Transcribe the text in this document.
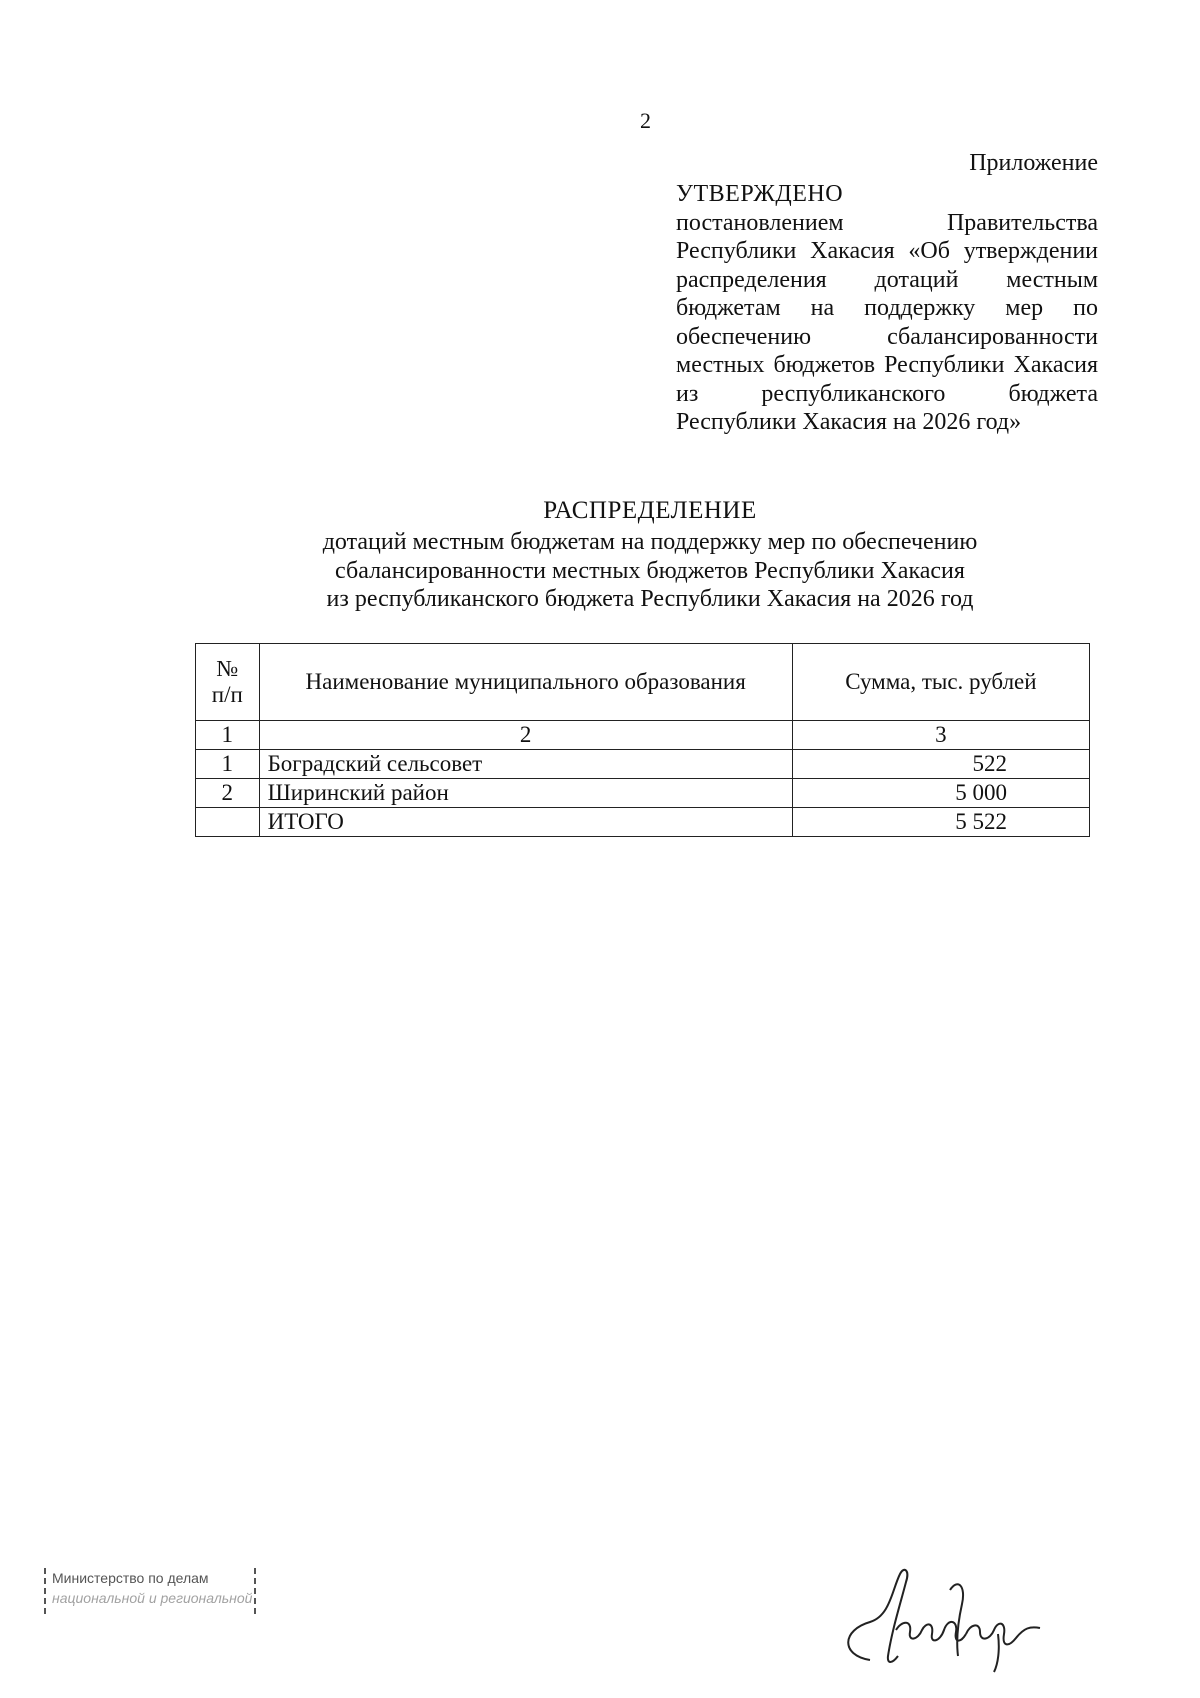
2
Приложение
УТВЕРЖДЕНО
постановлением Правительства Республики Хакасия «Об утверждении распределения дотаций местным бюджетам на поддержку мер по обеспечению сбалансированности местных бюджетов Республики Хакасия из республиканского бюджета Республики Хакасия на 2026 год»
РАСПРЕДЕЛЕНИЕ
дотаций местным бюджетам на поддержку мер по обеспечению
сбалансированности местных бюджетов Республики Хакасия
из республиканского бюджета Республики Хакасия на 2026 год
№
п/п	Наименование муниципального образования	Сумма, тыс. рублей
1	2	3
1	Боградский сельсовет	522
2	Ширинский район	5 000
	ИТОГО	5 522
Министерство по делам
национальной и региональной
